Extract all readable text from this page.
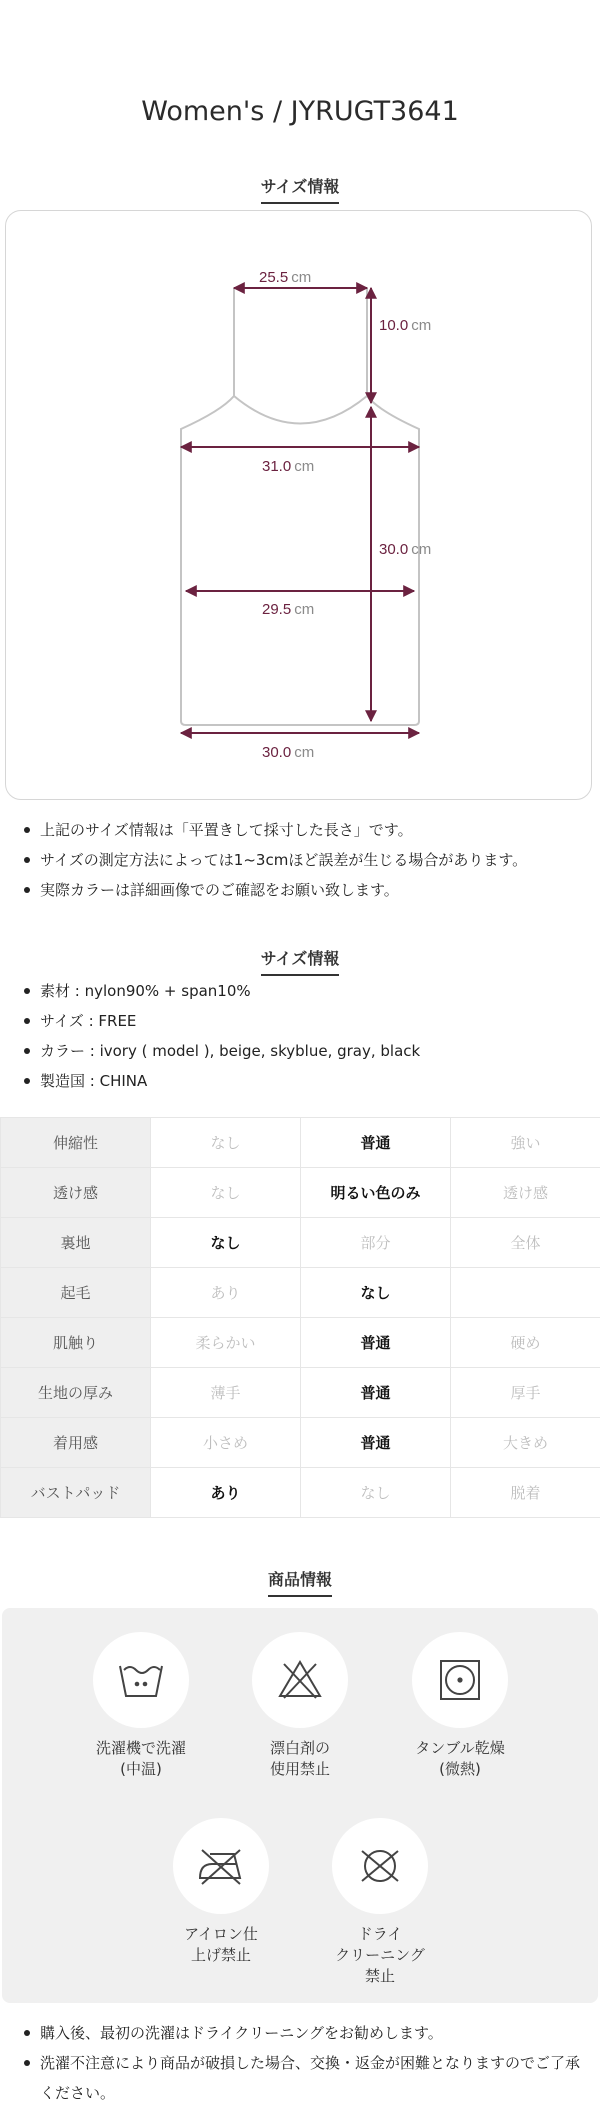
Women's / JYRUGT3641
サイズ情報
25.5 cm
10.0 cm
31.0 cm
30.0 cm
29.5 cm
30.0 cm
上記のサイズ情報は「平置きして採寸した長さ」です。
サイズの測定方法によっては1~3cmほど誤差が生じる場合があります。
実際カラーは詳細画像でのご確認をお願い致します。
サイズ情報
素材 : nylon90% + span10%
サイズ : FREE
カラー : ivory ( model ), beige, skyblue, gray, black
製造国 : CHINA
伸縮性	なし	普通	強い
透け感	なし	明るい色のみ	透け感
裏地	なし	部分	全体
起毛	あり	なし	
肌触り	柔らかい	普通	硬め
生地の厚み	薄手	普通	厚手
着用感	小さめ	普通	大きめ
バストパッド	あり	なし	脱着
商品情報
洗濯機で洗濯
(中温)
漂白剤の
使用禁止
タンブル乾燥
(微熱)
アイロン仕
上げ禁止
ドライ
クリーニング
禁止
購入後、最初の洗濯はドライクリーニングをお勧めします。
洗濯不注意により商品が破損した場合、交換・返金が困難となりますのでご了承ください。
